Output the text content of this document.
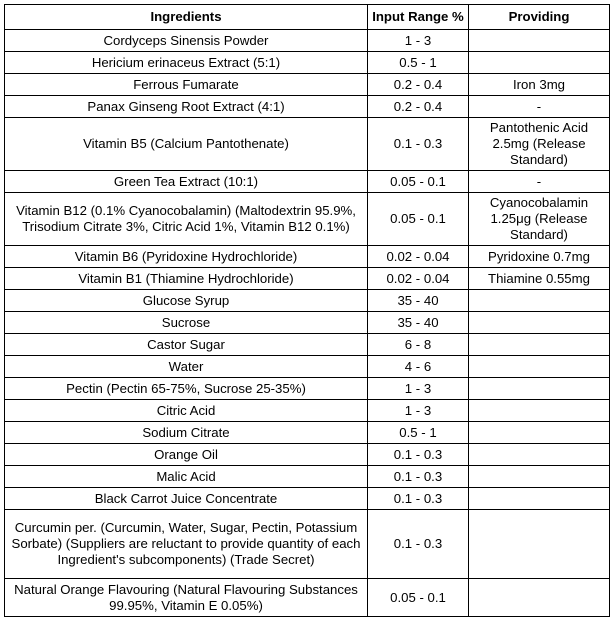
Ingredients	Input Range %	Providing
Cordyceps Sinensis Powder	1 - 3	
Hericium erinaceus Extract (5:1)	0.5 - 1	
Ferrous Fumarate	0.2 - 0.4	Iron 3mg
Panax Ginseng Root Extract (4:1)	0.2 - 0.4	-
Vitamin B5 (Calcium Pantothenate)	0.1 - 0.3	Pantothenic Acid 2.5mg (Release Standard)
Green Tea Extract (10:1)	0.05 - 0.1	-
Vitamin B12 (0.1% Cyanocobalamin) (Maltodextrin 95.9%, Trisodium Citrate 3%, Citric Acid 1%, Vitamin B12 0.1%)	0.05 - 0.1	Cyanocobalamin 1.25μg (Release Standard)
Vitamin B6 (Pyridoxine Hydrochloride)	0.02 - 0.04	Pyridoxine 0.7mg
Vitamin B1 (Thiamine Hydrochloride)	0.02 - 0.04	Thiamine 0.55mg
Glucose Syrup	35 - 40	
Sucrose	35 - 40	
Castor Sugar	6 - 8	
Water	4 - 6	
Pectin (Pectin 65-75%, Sucrose 25-35%)	1 - 3	
Citric Acid	1 - 3	
Sodium Citrate	0.5 - 1	
Orange Oil	0.1 - 0.3	
Malic Acid	0.1 - 0.3	
Black Carrot Juice Concentrate	0.1 - 0.3	
Curcumin per. (Curcumin, Water, Sugar, Pectin, Potassium Sorbate) (Suppliers are reluctant to provide quantity of each Ingredient's subcomponents) (Trade Secret)	0.1 - 0.3	
Natural Orange Flavouring (Natural Flavouring Substances 99.95%, Vitamin E 0.05%)	0.05 - 0.1	
